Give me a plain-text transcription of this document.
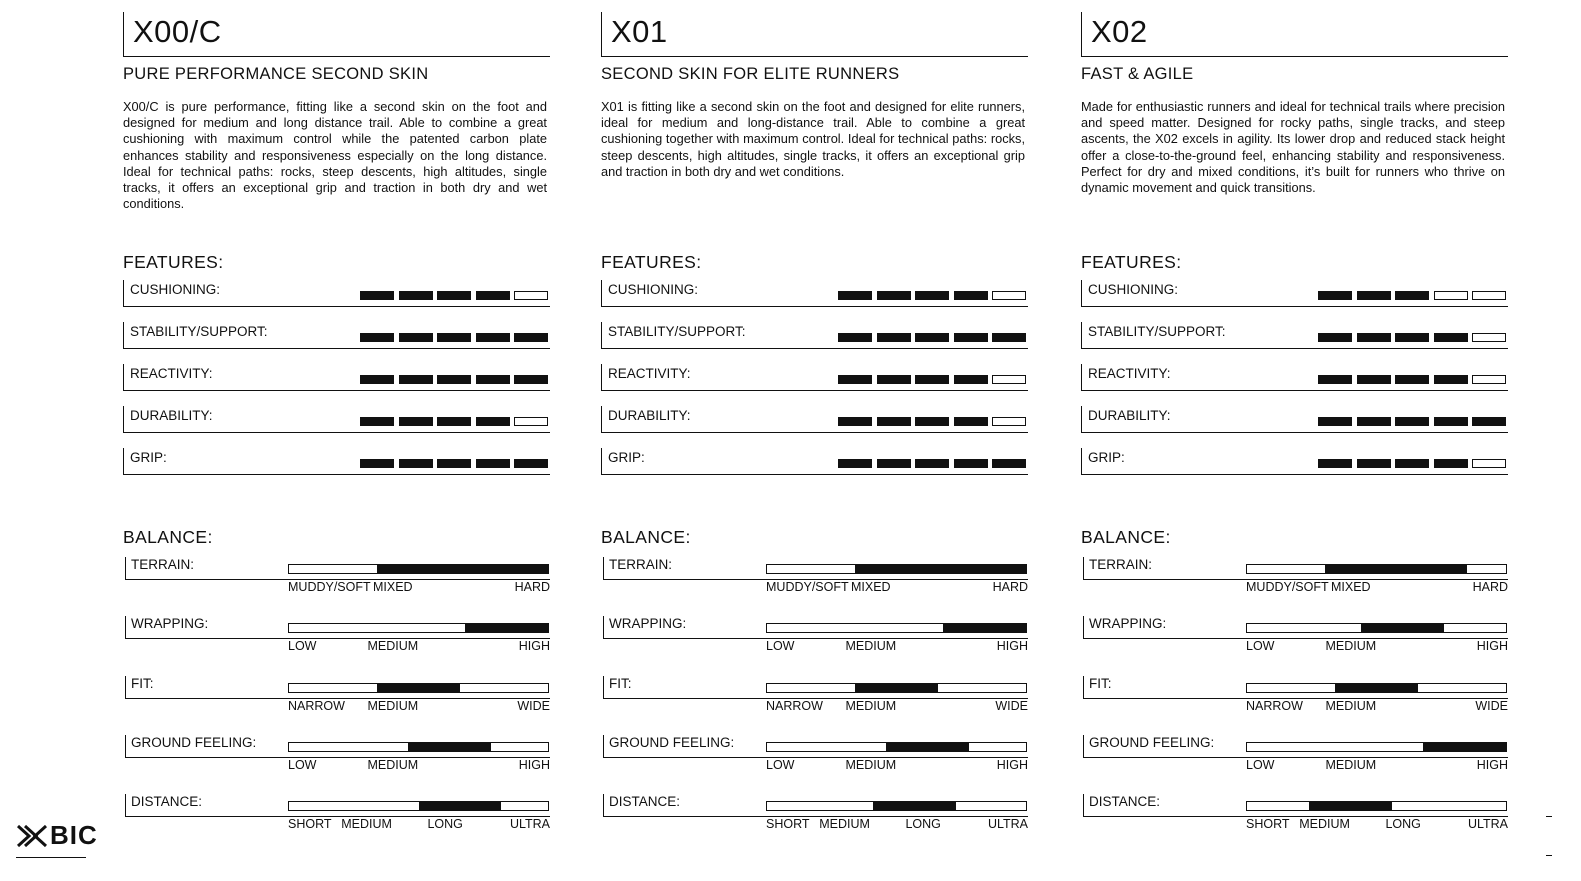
X00/C
PURE PERFORMANCE SECOND SKIN
X00/C is pure performance, fitting like a second skin on the foot and designed for medium and long distance trail. Able to combine a great cushioning with maximum control while the patented carbon plate enhances stability and responsiveness especially on the long distance. Ideal for technical paths: rocks, steep descents, high altitudes, single tracks, it offers an exceptional grip and traction in both dry and wet conditions.
FEATURES:
CUSHIONING:
STABILITY/SUPPORT:
REACTIVITY:
DURABILITY:
GRIP:
BALANCE:
TERRAIN:
MUDDY/SOFT MIXED	HARD
WRAPPING:
LOW	MEDIUM	HIGH
FIT:
NARROW MEDIUM	WIDE
GROUND FEELING:
LOW	MEDIUM	HIGH
DISTANCE:
SHORT MEDIUM	LONG	ULTRA
X01
SECOND SKIN FOR ELITE RUNNERS
X01 is fitting like a second skin on the foot and designed for elite runners, ideal for medium and long-distance trail. Able to combine a great cushioning together with maximum control. Ideal for technical paths: rocks, steep descents, high altitudes, single tracks, it offers an exceptional grip and traction in both dry and wet conditions.
FEATURES:
CUSHIONING:
STABILITY/SUPPORT:
REACTIVITY:
DURABILITY:
GRIP:
BALANCE:
TERRAIN:
MUDDY/SOFT MIXED	HARD
WRAPPING:
LOW	MEDIUM	HIGH
FIT:
NARROW MEDIUM	WIDE
GROUND FEELING:
LOW	MEDIUM	HIGH
DISTANCE:
SHORT MEDIUM	LONG	ULTRA
X02
FAST & AGILE
Made for enthusiastic runners and ideal for technical trails where precision and speed matter. Designed for rocky paths, single tracks, and steep ascents, the X02 excels in agility. Its lower drop and reduced stack height offer a close-to-the-ground feel, enhancing stability and responsiveness. Perfect for dry and mixed conditions, it’s built for runners who thrive on dynamic movement and quick transitions.
FEATURES:
CUSHIONING:
STABILITY/SUPPORT:
REACTIVITY:
DURABILITY:
GRIP:
BALANCE:
TERRAIN:
MUDDY/SOFT MIXED	HARD
WRAPPING:
LOW	MEDIUM	HIGH
FIT:
NARROW MEDIUM	WIDE
GROUND FEELING:
LOW	MEDIUM	HIGH
DISTANCE:
SHORT MEDIUM	LONG	ULTRA
BIC
